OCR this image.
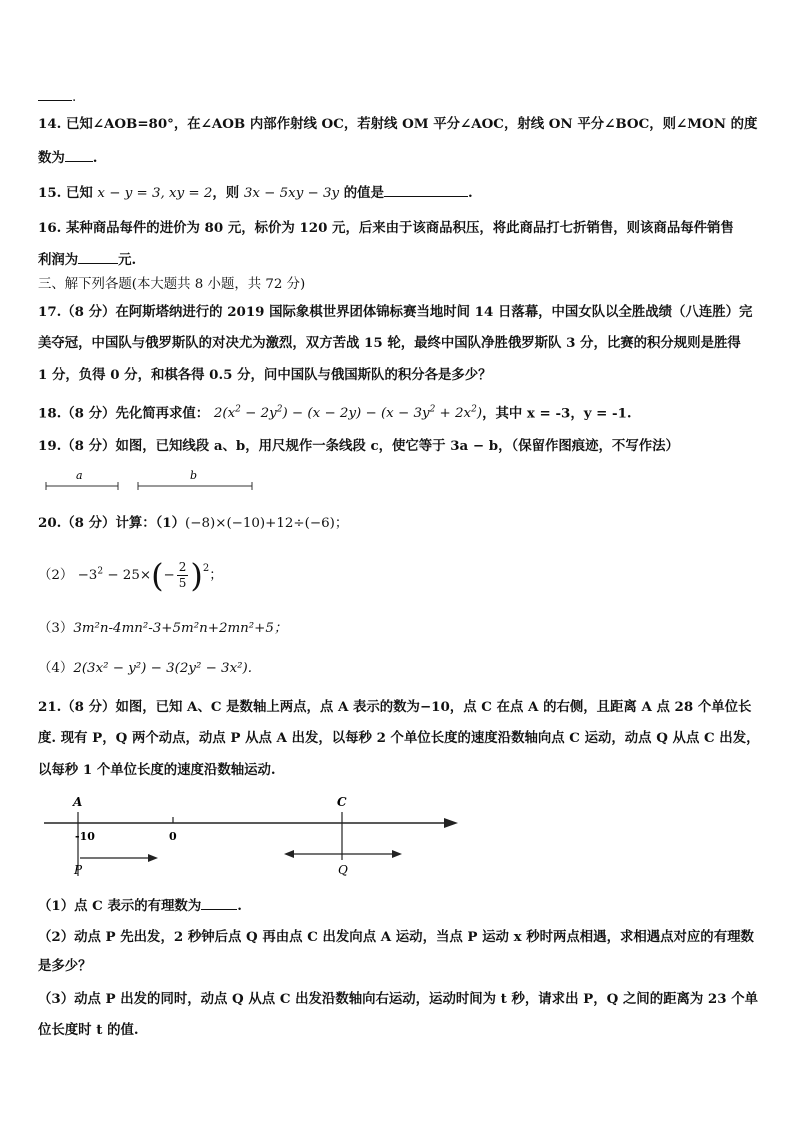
.
14. 已知∠AOB=80°，在∠AOB 内部作射线 OC，若射线 OM 平分∠AOC，射线 ON 平分∠BOC，则∠MON 的度
数为 .
15. 已知 x − y = 3, xy = 2，则 3x − 5xy − 3y 的值是	.
16. 某种商品每件的进价为 80 元，标价为 120 元，后来由于该商品积压，将此商品打七折销售，则该商品每件销售
利润为	元.
三、解下列各题(本大题共 8 小题，共 72 分)
17.（8 分）在阿斯塔纳进行的 2019 国际象棋世界团体锦标赛当地时间 14 日落幕，中国女队以全胜战绩（八连胜）完
美夺冠，中国队与俄罗斯队的对决尤为激烈，双方苦战 15 轮，最终中国队净胜俄罗斯队 3 分，比赛的积分规则是胜得
1 分，负得 0 分，和棋各得 0.5 分，问中国队与俄国斯队的积分各是多少？
18.（8 分）先化简再求值： $2(x^2 - 2y^2) - (x - 2y) - (x - 3y^2 + 2x^2)$，其中 x = -3，y = -1.
19.（8 分）如图，已知线段 a、b，用尺规作一条线段 c，使它等于 3a − b，（保留作图痕迹，不写作法）
a	b
20.（8 分）计算：（1）(−8)×(−10)+12÷(−6)；
$(2) -3^2 - 25\times(- \frac{2}{5} )^2$；
（3）3m²n-4mn²-3+5m²n+2mn²+5；
（4）2(3x² − y²) − 3(2y² − 3x²).
21.（8 分）如图，已知 A、C 是数轴上两点，点 A 表示的数为−10，点 C 在点 A 的右侧，且距离 A 点 28 个单位长
度. 现有 P，Q 两个动点，动点 P 从点 A 出发，以每秒 2 个单位长度的速度沿数轴向点 C 运动，动点 Q 从点 C 出发，
以每秒 1 个单位长度的速度沿数轴运动.
A
-10	0
C
P	Q
（1）点 C 表示的有理数为	.
（2）动点 P 先出发，2 秒钟后点 Q 再由点 C 出发向点 A 运动，当点 P 运动 x 秒时两点相遇，求相遇点对应的有理数
是多少？
（3）动点 P 出发的同时，动点 Q 从点 C 出发沿数轴向右运动，运动时间为 t 秒，请求出 P，Q 之间的距离为 23 个单
位长度时 t 的值.
